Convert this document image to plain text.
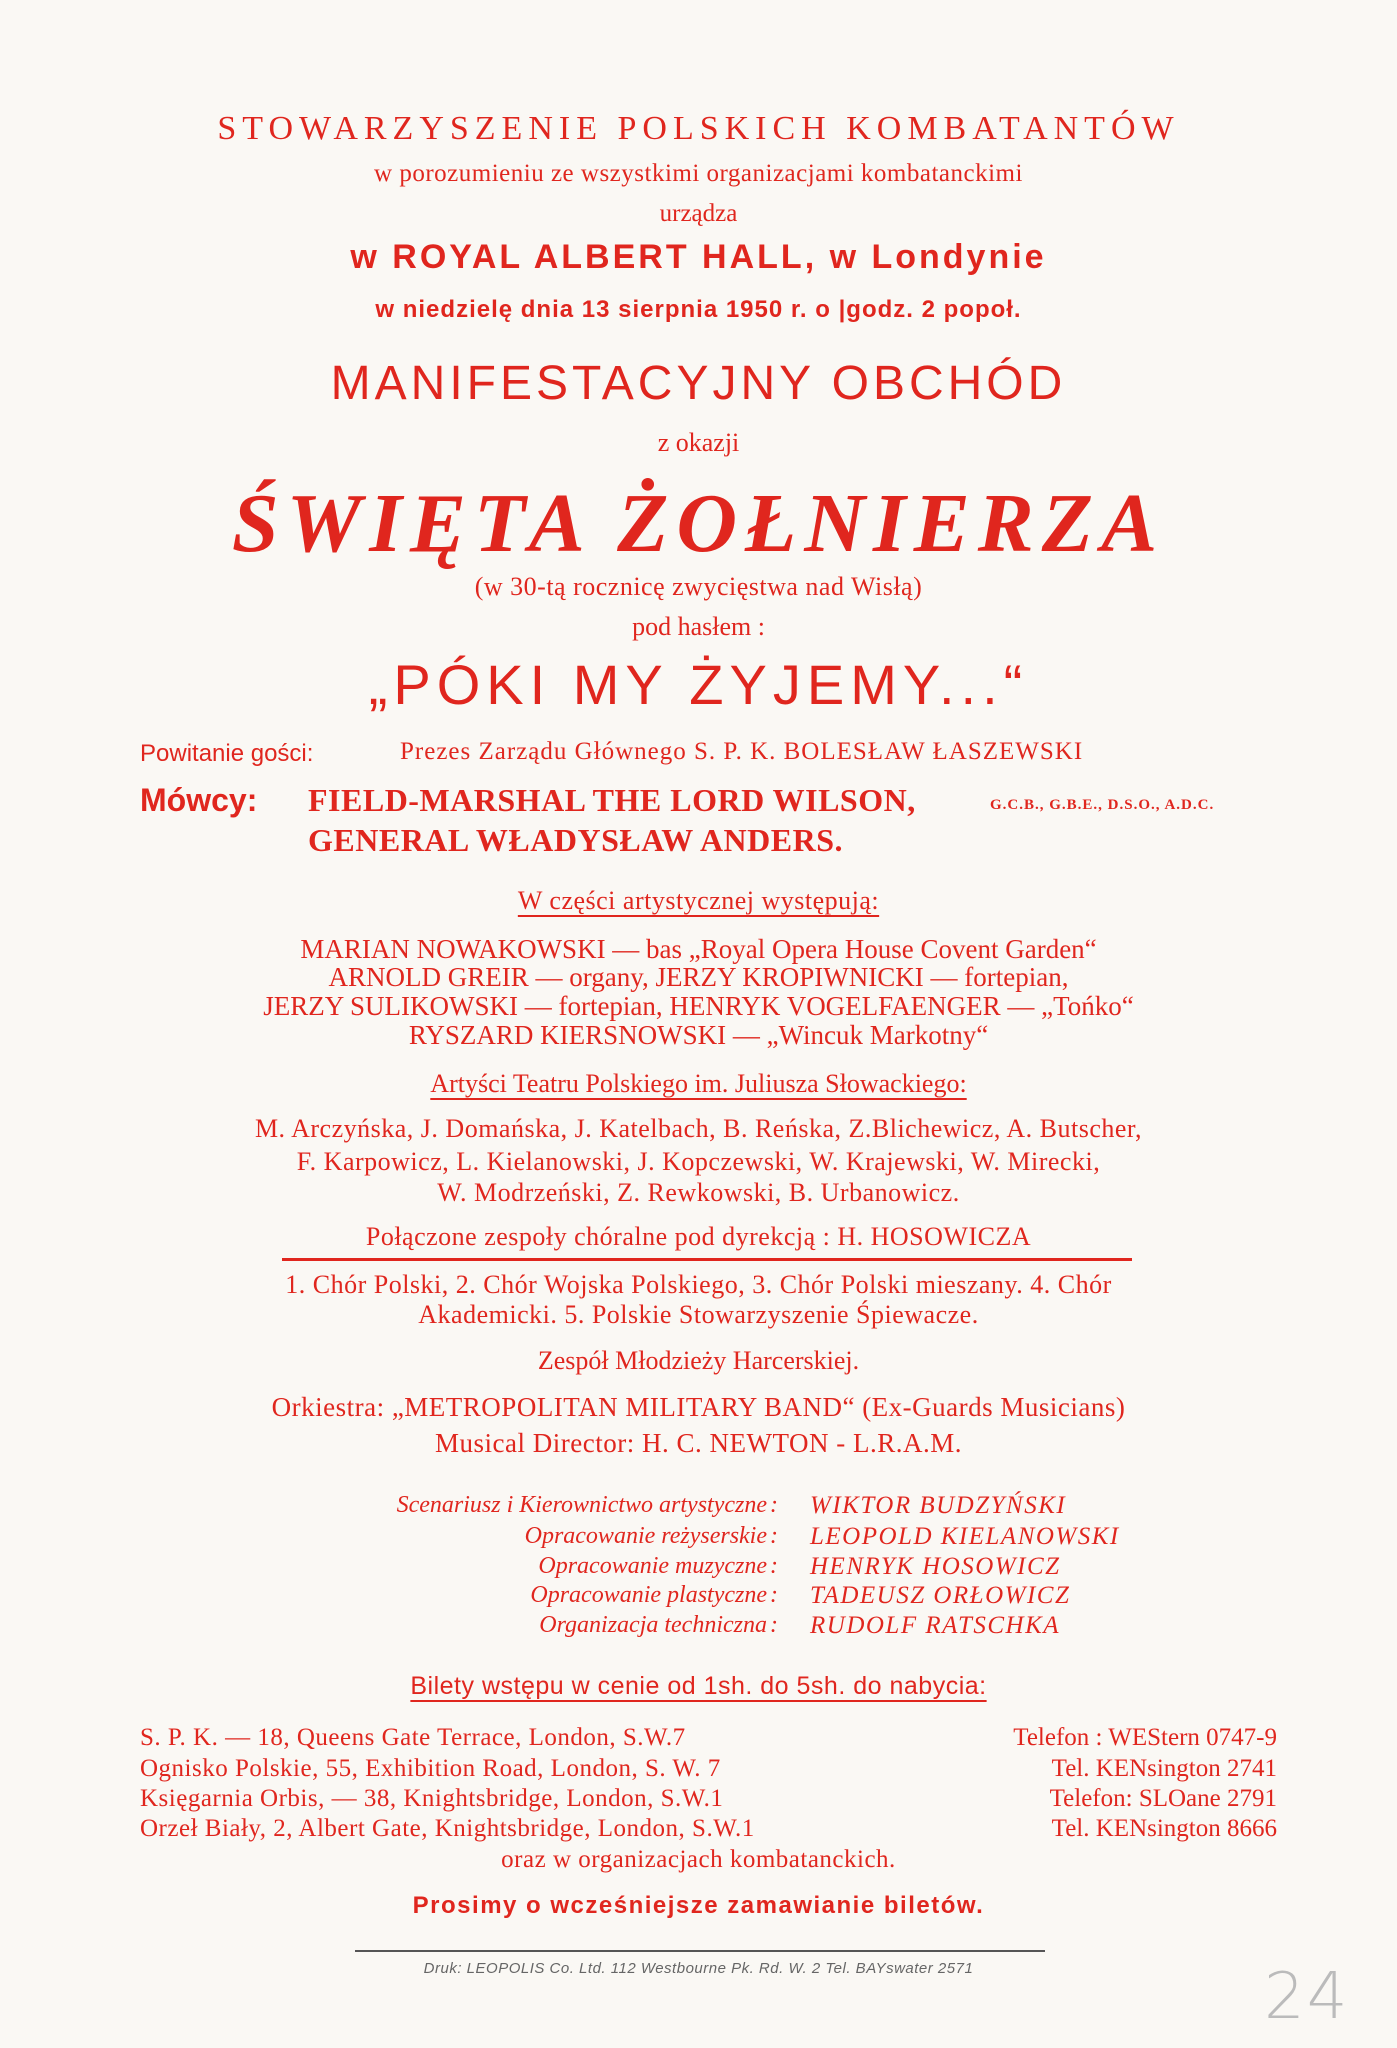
STOWARZYSZENIE POLSKICH KOMBATANTÓW
w porozumieniu ze wszystkimi organizacjami kombatanckimi
urządza
w ROYAL ALBERT HALL, w Londynie
w niedzielę dnia 13 sierpnia 1950 r. o |godz. 2 popoł.
MANIFESTACYJNY OBCHÓD
z okazji
ŚWIĘTA ŻOŁNIERZA
(w 30-tą rocznicę zwycięstwa nad Wisłą)
pod hasłem :
„PÓKI MY ŻYJEMY...“
Powitanie gości:	Prezes Zarządu Głównego S. P. K. BOLESŁAW ŁASZEWSKI
Mówcy: FIELD-MARSHAL THE LORD WILSON,	G.C.B., G.B.E., D.S.O., A.D.C.
GENERAL WŁADYSŁAW ANDERS.
W części artystycznej występują:
MARIAN NOWAKOWSKI — bas „Royal Opera House Covent Garden“
ARNOLD GREIR — organy, JERZY KROPIWNICKI — fortepian,
JERZY SULIKOWSKI — fortepian, HENRYK VOGELFAENGER — „Tońko“
RYSZARD KIERSNOWSKI — „Wincuk Markotny“
Artyści Teatru Polskiego im. Juliusza Słowackiego:
M. Arczyńska, J. Domańska, J. Katelbach, B. Reńska, Z.Blichewicz, A. Butscher,
F. Karpowicz, L. Kielanowski, J. Kopczewski, W. Krajewski, W. Mirecki,
W. Modrzeński, Z. Rewkowski, B. Urbanowicz.
Połączone zespoły chóralne pod dyrekcją : H. HOSOWICZA
1. Chór Polski, 2. Chór Wojska Polskiego, 3. Chór Polski mieszany. 4. Chór
Akademicki. 5. Polskie Stowarzyszenie Śpiewacze.
Zespół Młodzieży Harcerskiej.
Orkiestra: „METROPOLITAN MILITARY BAND“ (Ex-Guards Musicians)
Musical Director: H. C. NEWTON - L.R.A.M.
Scenariusz i Kierownictwo artystyczne : WIKTOR BUDZYŃSKI
Opracowanie reżyserskie : LEOPOLD KIELANOWSKI
Opracowanie muzyczne : HENRYK HOSOWICZ
Opracowanie plastyczne : TADEUSZ ORŁOWICZ
Organizacja techniczna : RUDOLF RATSCHKA
Bilety wstępu w cenie od 1sh. do 5sh. do nabycia:
S. P. K. — 18, Queens Gate Terrace, London, S.W.7	Telefon : WEStern 0747-9
Ognisko Polskie, 55, Exhibition Road, London, S. W. 7	Tel. KENsington 2741
Księgarnia Orbis, — 38, Knightsbridge, London, S.W.1	Telefon: SLOane 2791
Orzeł Biały, 2, Albert Gate, Knightsbridge, London, S.W.1	Tel. KENsington 8666
oraz w organizacjach kombatanckich.
Prosimy o wcześniejsze zamawianie biletów.
Druk: LEOPOLIS Co. Ltd. 112 Westbourne Pk. Rd. W. 2 Tel. BAYswater 2571	24
